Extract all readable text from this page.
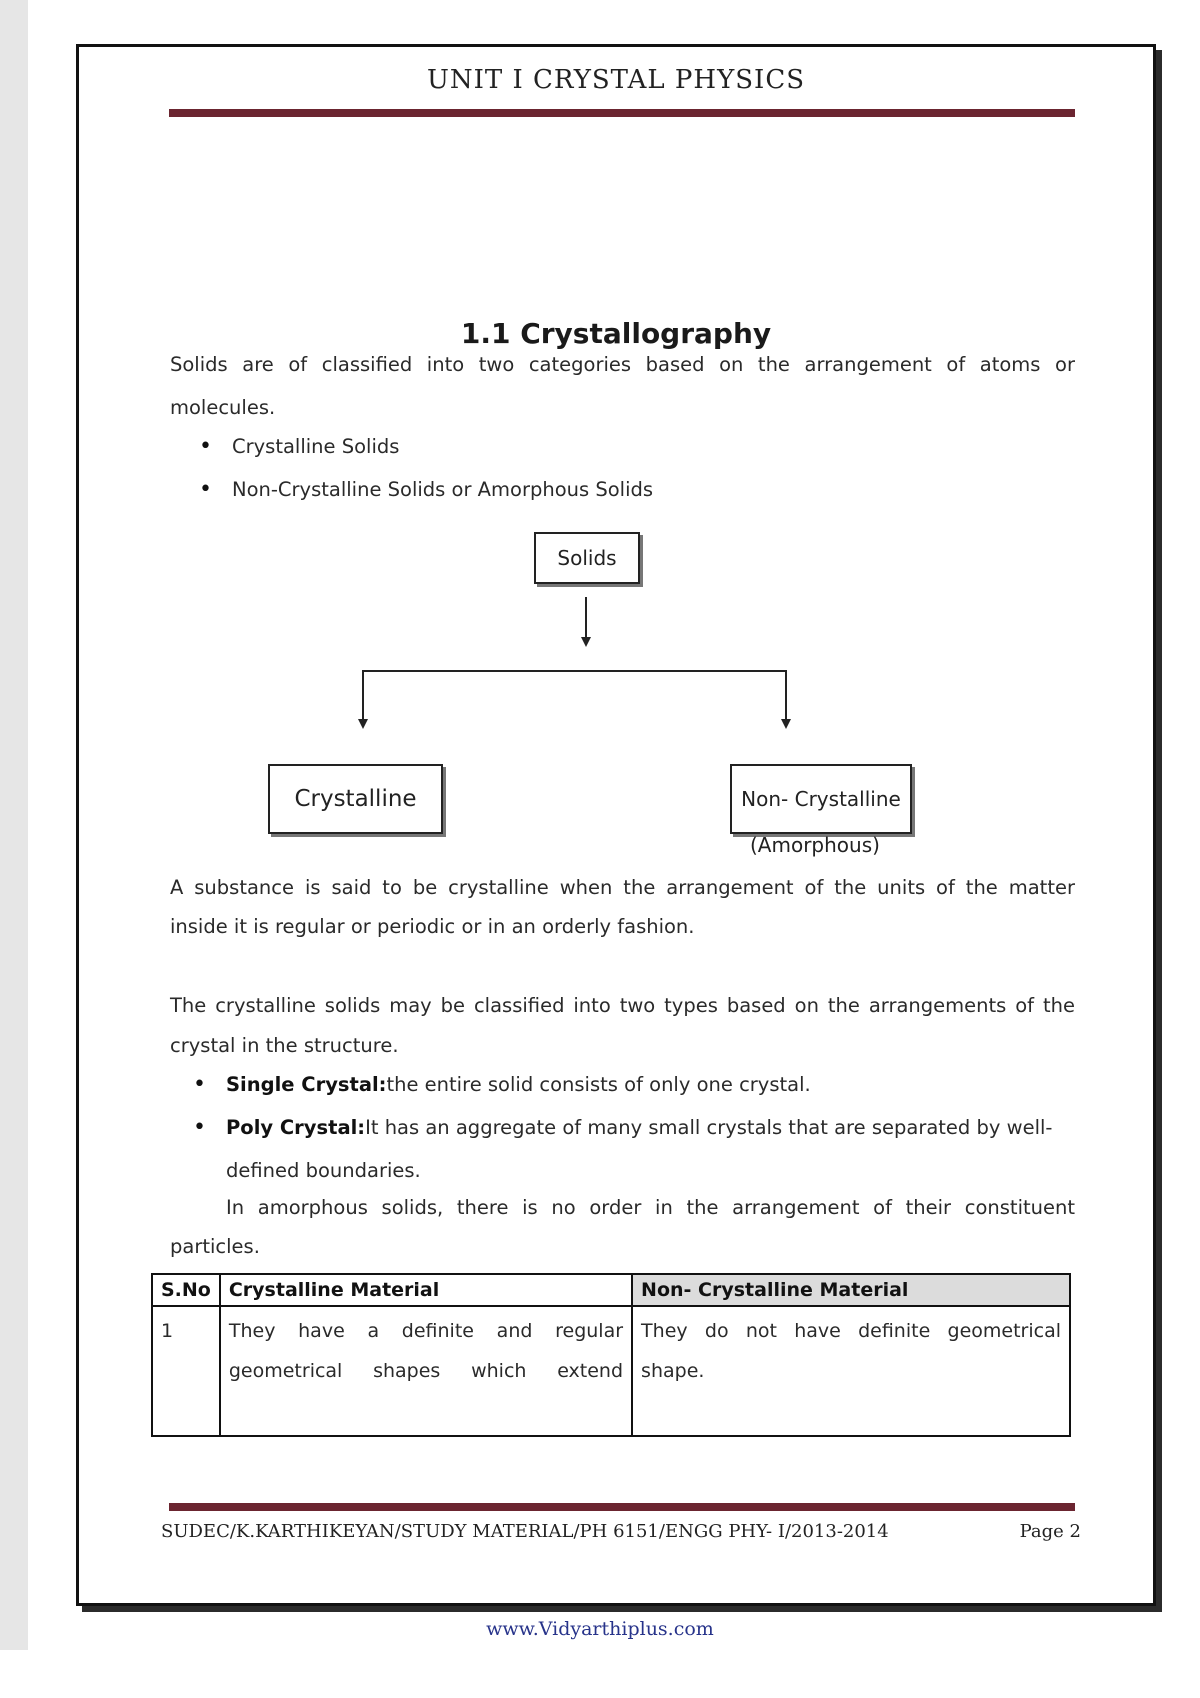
UNIT I CRYSTAL PHYSICS
1.1 Crystallography
Solids are of classified into two categories based on the arrangement of atoms or
molecules.
• Crystalline Solids
• Non-Crystalline Solids or Amorphous Solids
Solids
Crystalline	Non- Crystalline
(Amorphous)
A substance is said to be crystalline when the arrangement of the units of the matter
inside it is regular or periodic or in an orderly fashion.
The crystalline solids may be classified into two types based on the arrangements of the
crystal in the structure.
• Single Crystal:the entire solid consists of only one crystal.
• Poly Crystal:It has an aggregate of many small crystals that are separated by well-defined boundaries.
In amorphous solids, there is no order in the arrangement of their constituent
particles.
S.No	Crystalline Material	Non- Crystalline Material
1	They have a definite and regular geometrical shapes which extend	They do not have definite geometrical shape.
SUDEC/K.KARTHIKEYAN/STUDY MATERIAL/PH 6151/ENGG PHY- I/2013-2014	Page 2
www.Vidyarthiplus.com
